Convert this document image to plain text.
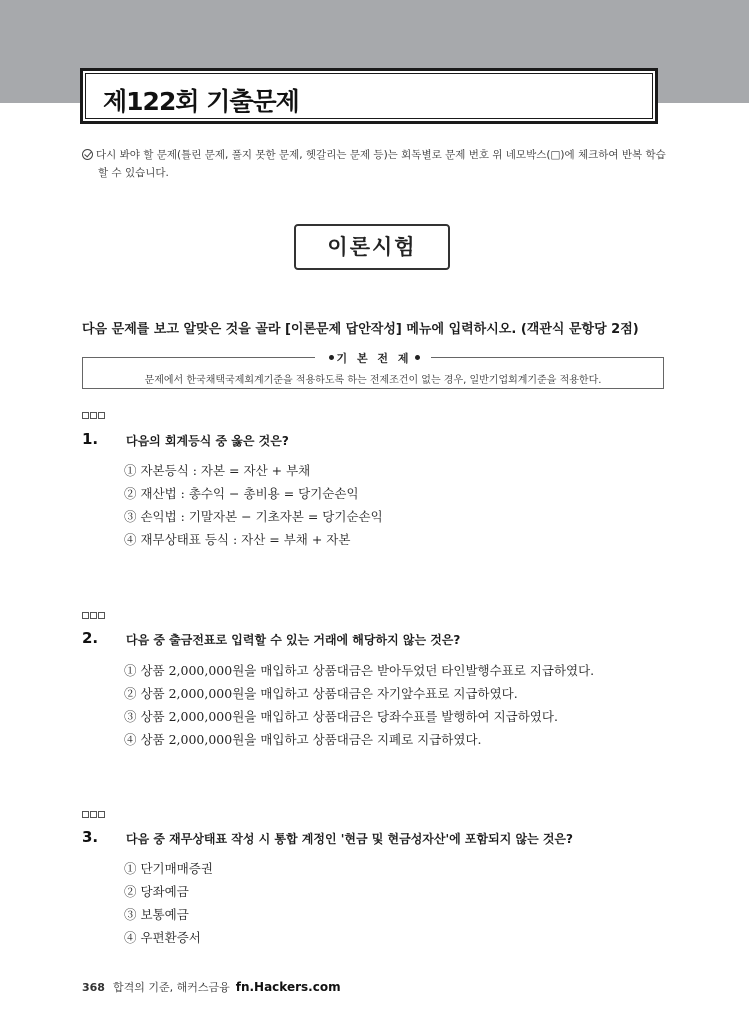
제122회 기출문제
다시 봐야 할 문제(틀린 문제, 풀지 못한 문제, 헷갈리는 문제 등)는 회독별로 문제 번호 위 네모박스(□)에 체크하여 반복 학습
할 수 있습니다.
이론시험
다음 문제를 보고 알맞은 것을 골라 [이론문제 답안작성] 메뉴에 입력하시오. (객관식 문항당 2점)
기 본 전 제
문제에서 한국채택국제회계기준을 적용하도록 하는 전제조건이 없는 경우, 일반기업회계기준을 적용한다.
1. 다음의 회계등식 중 옳은 것은?
① 자본등식 : 자본 = 자산 + 부채
② 재산법 : 총수익 − 총비용 = 당기순손익
③ 손익법 : 기말자본 − 기초자본 = 당기순손익
④ 재무상태표 등식 : 자산 = 부채 + 자본
2. 다음 중 출금전표로 입력할 수 있는 거래에 해당하지 않는 것은?
① 상품 2,000,000원을 매입하고 상품대금은 받아두었던 타인발행수표로 지급하였다.
② 상품 2,000,000원을 매입하고 상품대금은 자기앞수표로 지급하였다.
③ 상품 2,000,000원을 매입하고 상품대금은 당좌수표를 발행하여 지급하였다.
④ 상품 2,000,000원을 매입하고 상품대금은 지폐로 지급하였다.
3. 다음 중 재무상태표 작성 시 통합 계정인 '현금 및 현금성자산'에 포함되지 않는 것은?
① 단기매매증권
② 당좌예금
③ 보통예금
④ 우편환증서
368 합격의 기준, 해커스금융 fn.Hackers.com
